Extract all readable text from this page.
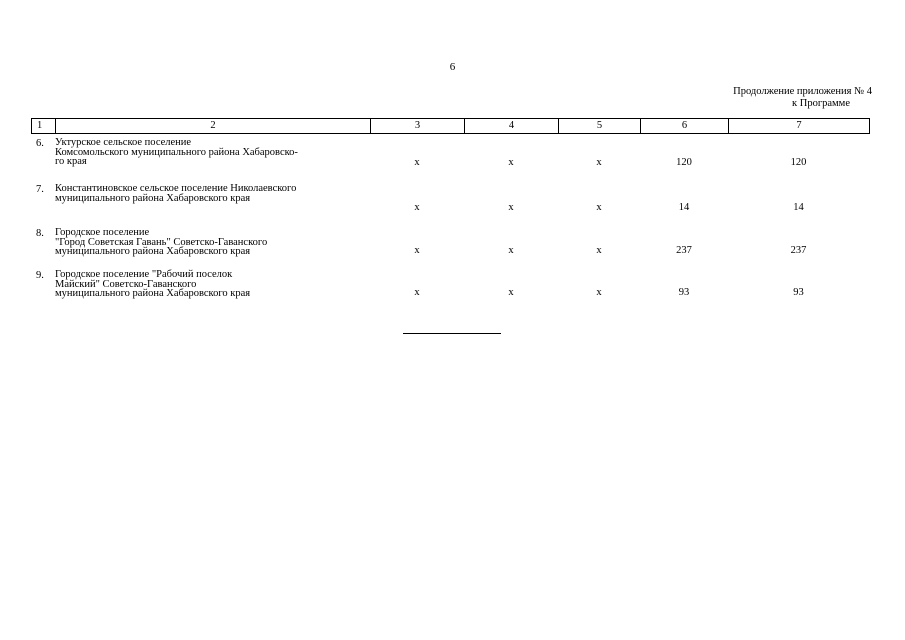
6
Продолжение приложения № 4
к Программе
1	2	3	4	5	6	7
6.	Уктурское сельское поселение
Комсомольского муниципального района Хабаровско-
го края	х	х	х	120	120
7.	Константиновское сельское поселение Николаевского
муниципального района Хабаровского края	х	х	х	14	14
8.	Городское поселение
"Город Советская Гавань" Советско-Гаванского
муниципального района Хабаровского края	х	х	х	237	237
9.	Городское поселение "Рабочий поселок
Майский" Советско-Гаванского
муниципального района Хабаровского края	х	х	х	93	93
